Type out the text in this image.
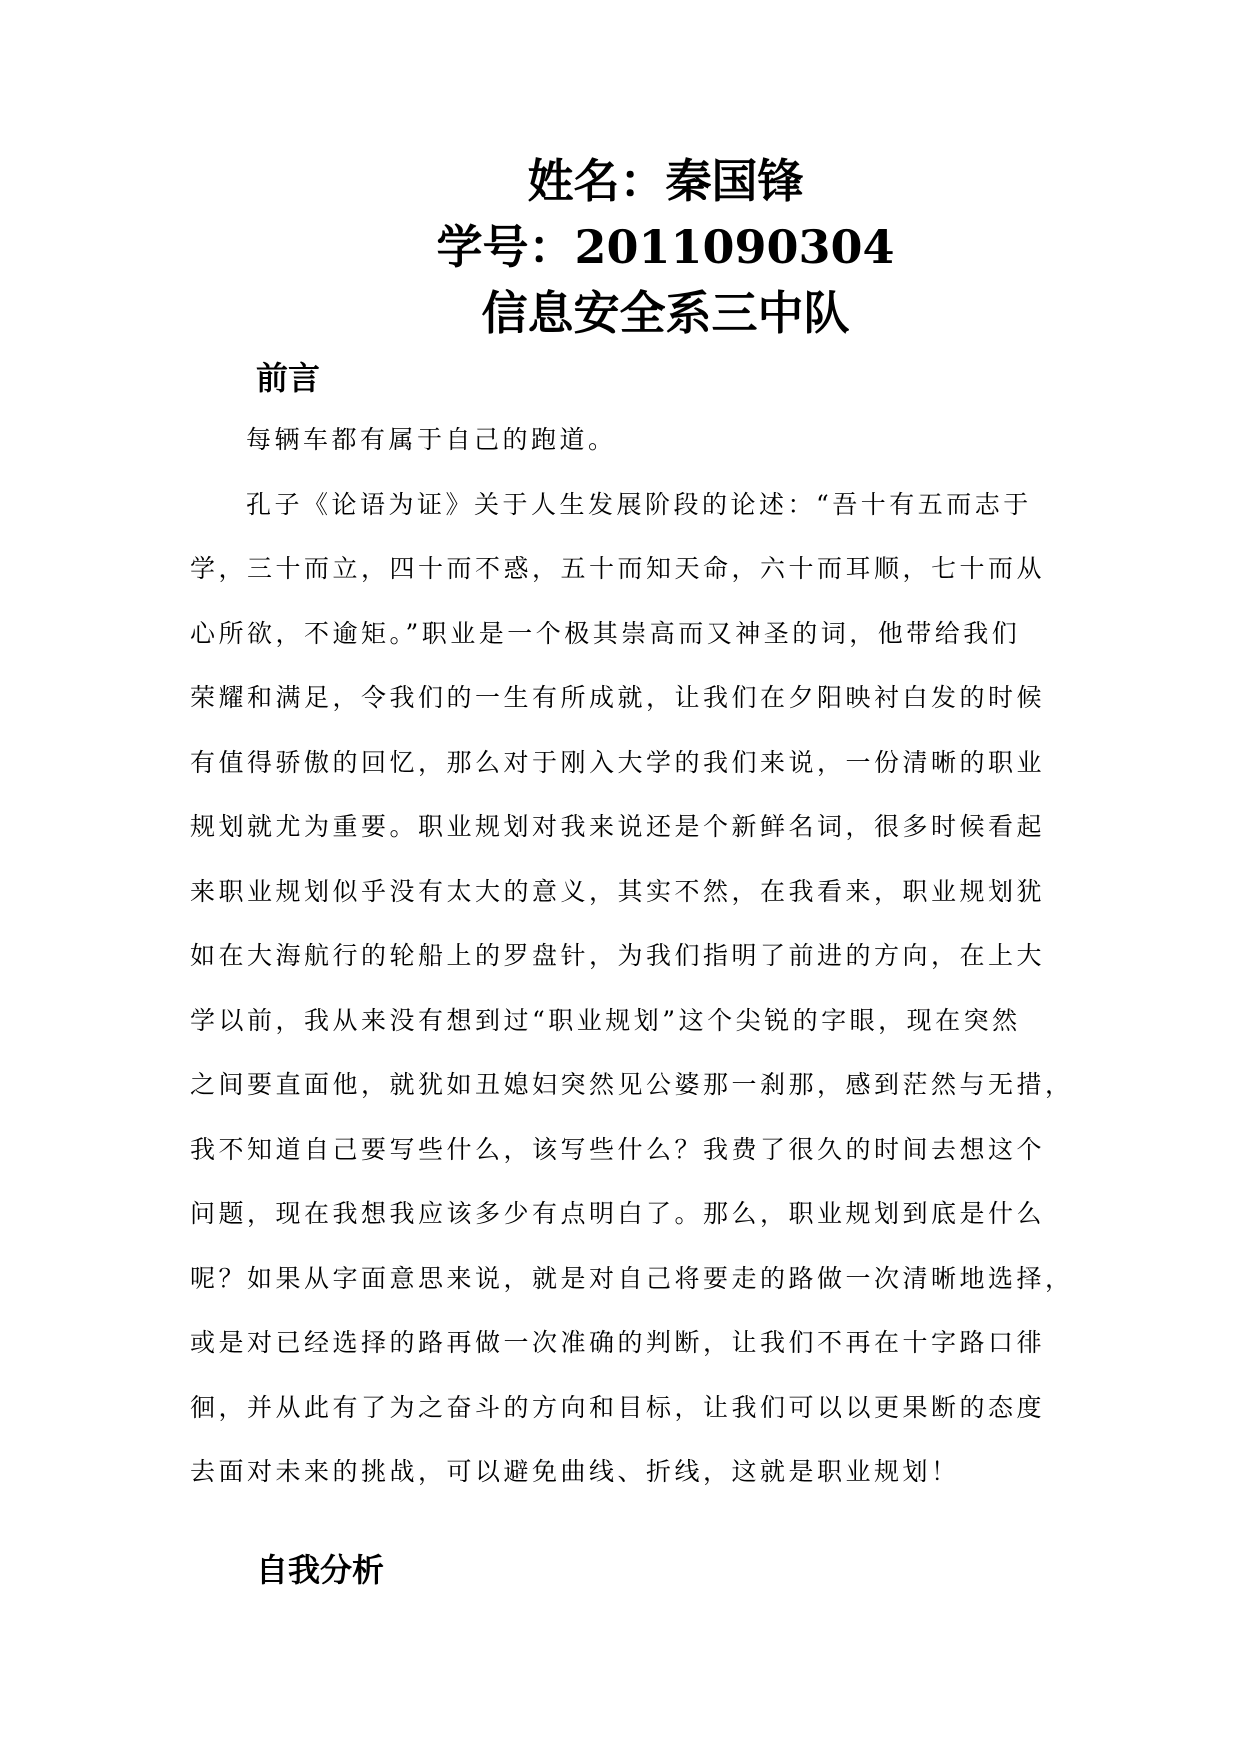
姓名：秦国锋
学号：2011090304
信息安全系三中队
前言
每辆车都有属于自己的跑道。
孔子《论语为证》关于人生发展阶段的论述：“吾十有五而志于
学，三十而立，四十而不惑，五十而知天命，六十而耳顺，七十而从
心所欲，不逾矩。”职业是一个极其崇高而又神圣的词，他带给我们
荣耀和满足，令我们的一生有所成就，让我们在夕阳映衬白发的时候
有值得骄傲的回忆，那么对于刚入大学的我们来说，一份清晰的职业
规划就尤为重要。职业规划对我来说还是个新鲜名词，很多时候看起
来职业规划似乎没有太大的意义，其实不然，在我看来，职业规划犹
如在大海航行的轮船上的罗盘针，为我们指明了前进的方向，在上大
学以前，我从来没有想到过“职业规划”这个尖锐的字眼，现在突然
之间要直面他，就犹如丑媳妇突然见公婆那一刹那，感到茫然与无措，
我不知道自己要写些什么，该写些什么？我费了很久的时间去想这个
问题，现在我想我应该多少有点明白了。那么，职业规划到底是什么
呢？如果从字面意思来说，就是对自己将要走的路做一次清晰地选择，
或是对已经选择的路再做一次准确的判断，让我们不再在十字路口徘
徊，并从此有了为之奋斗的方向和目标，让我们可以以更果断的态度
去面对未来的挑战，可以避免曲线、折线，这就是职业规划！
自我分析
